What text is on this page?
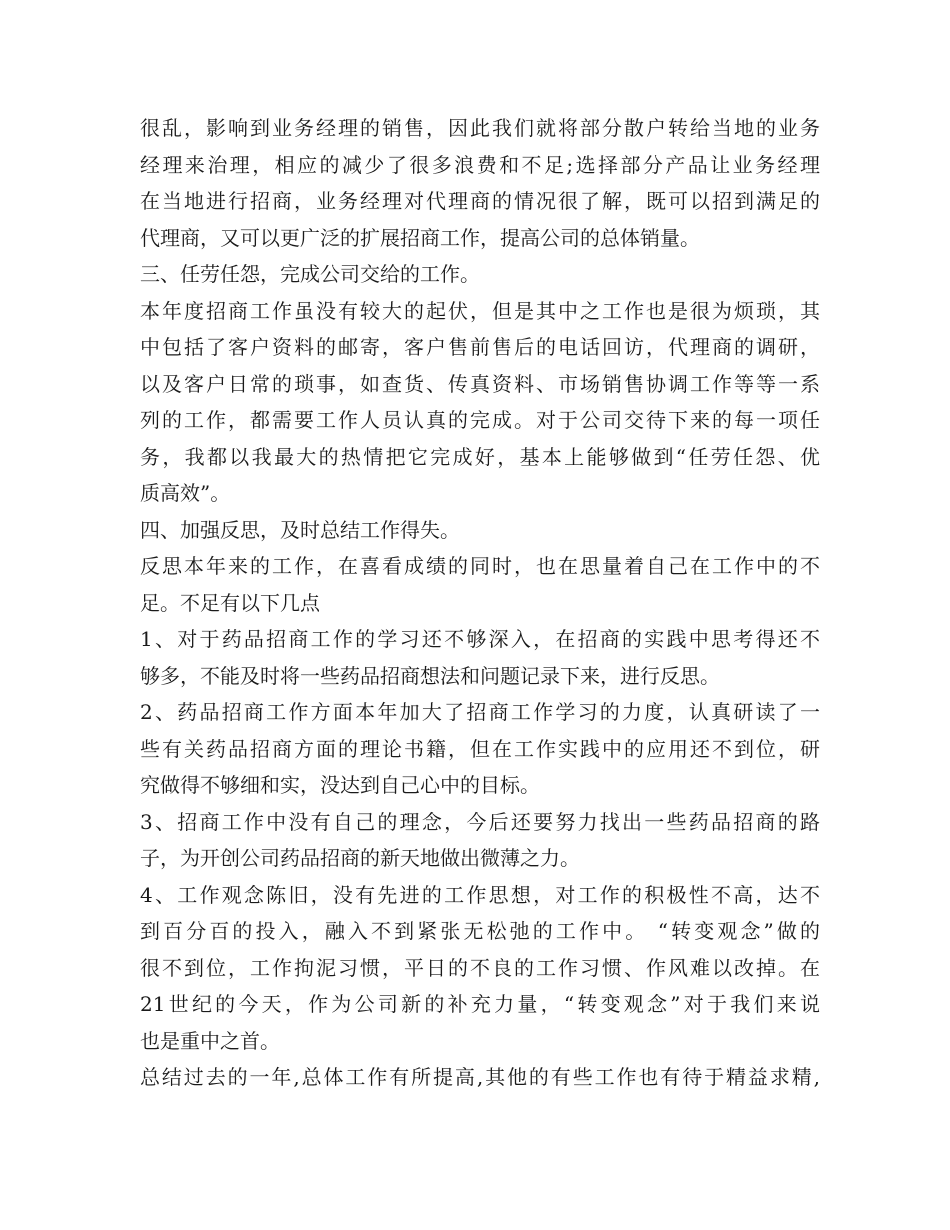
很乱，影响到业务经理的销售，因此我们就将部分散户转给当地的业务
经理来治理，相应的减少了很多浪费和不足;选择部分产品让业务经理
在当地进行招商，业务经理对代理商的情况很了解，既可以招到满足的
代理商，又可以更广泛的扩展招商工作，提高公司的总体销量。
三、任劳任怨，完成公司交给的工作。
本年度招商工作虽没有较大的起伏，但是其中之工作也是很为烦琐，其
中包括了客户资料的邮寄，客户售前售后的电话回访，代理商的调研，
以及客户日常的琐事，如查货、传真资料、市场销售协调工作等等一系
列的工作，都需要工作人员认真的完成。对于公司交待下来的每一项任
务，我都以我最大的热情把它完成好，基本上能够做到“任劳任怨、优
质高效”。
四、加强反思，及时总结工作得失。
反思本年来的工作，在喜看成绩的同时，也在思量着自己在工作中的不
足。不足有以下几点
1、对于药品招商工作的学习还不够深入，在招商的实践中思考得还不
够多，不能及时将一些药品招商想法和问题记录下来，进行反思。
2、药品招商工作方面本年加大了招商工作学习的力度，认真研读了一
些有关药品招商方面的理论书籍，但在工作实践中的应用还不到位，研
究做得不够细和实，没达到自己心中的目标。
3、招商工作中没有自己的理念，今后还要努力找出一些药品招商的路
子，为开创公司药品招商的新天地做出微薄之力。
4、工作观念陈旧，没有先进的工作思想，对工作的积极性不高，达不
到百分百的投入，融入不到紧张无松弛的工作中。 “转变观念”做的
很不到位，工作拘泥习惯，平日的不良的工作习惯、作风难以改掉。在
21世纪的今天，作为公司新的补充力量，“转变观念”对于我们来说
也是重中之首。
总结过去的一年,总体工作有所提高,其他的有些工作也有待于精益求精,
